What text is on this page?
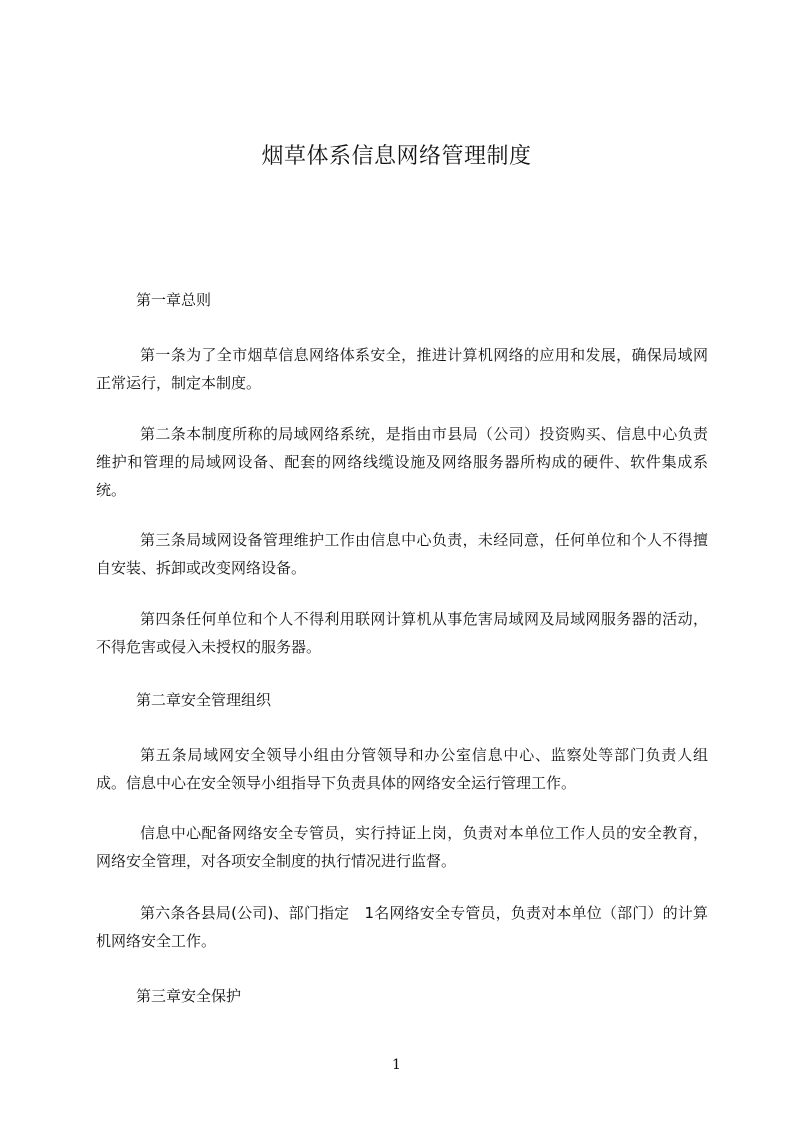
烟草体系信息网络管理制度
第一章总则
第一条为了全市烟草信息网络体系安全，推进计算机网络的应用和发展，确保局域网正常运行，制定本制度。
第二条本制度所称的局域网络系统，是指由市县局（公司）投资购买、信息中心负责维护和管理的局域网设备、配套的网络线缆设施及网络服务器所构成的硬件、软件集成系统。
第三条局域网设备管理维护工作由信息中心负责，未经同意，任何单位和个人不得擅自安装、拆卸或改变网络设备。
第四条任何单位和个人不得利用联网计算机从事危害局域网及局域网服务器的活动，不得危害或侵入未授权的服务器。
第二章安全管理组织
第五条局域网安全领导小组由分管领导和办公室信息中心、监察处等部门负责人组成。信息中心在安全领导小组指导下负责具体的网络安全运行管理工作。
信息中心配备网络安全专管员，实行持证上岗，负责对本单位工作人员的安全教育，网络安全管理，对各项安全制度的执行情况进行监督。
第六条各县局(公司)、部门指定　1名网络安全专管员，负责对本单位（部门）的计算机网络安全工作。
第三章安全保护
1
